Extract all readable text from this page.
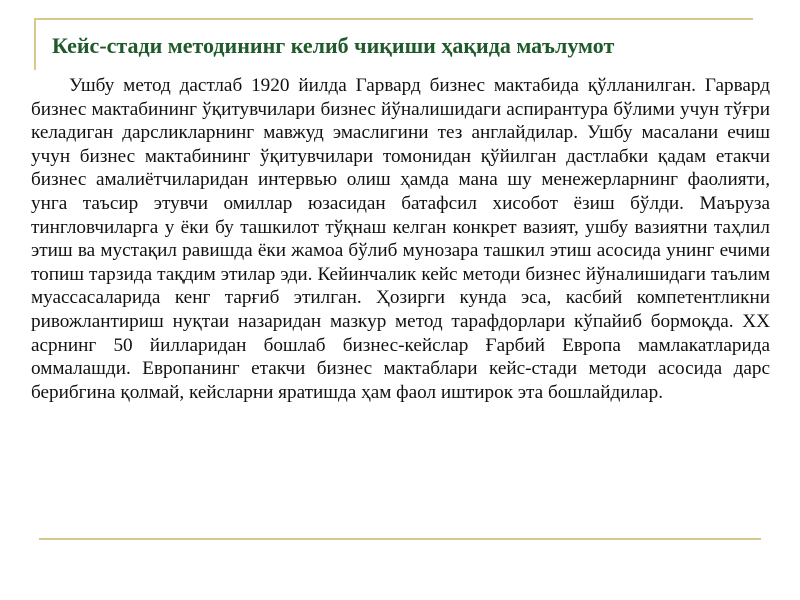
Кейс-стади методининг келиб чиқиши ҳақида маълумот

Ушбу метод дастлаб 1920 йилда Гарвард бизнес мактабида қўлланилган. Гарвард бизнес мактабининг ўқитувчилари бизнес йўналишидаги аспирантура бўлими учун тўғри келадиган дарсликларнинг мавжуд эмаслигини тез англайдилар. Ушбу масалани ечиш учун бизнес мактабининг ўқитувчилари томонидан қўйилган дастлабки қадам етакчи бизнес амалиётчиларидан интервью олиш ҳамда мана шу менежерларнинг фаолияти, унга таъсир этувчи омиллар юзасидан батафсил хисобот ёзиш бўлди. Маъруза тингловчиларга у ёки бу ташкилот тўқнаш келган конкрет вазият, ушбу вазиятни таҳлил этиш ва мустақил равишда ёки жамоа бўлиб мунозара ташкил этиш асосида унинг ечими топиш тарзида тақдим этилар эди. Кейинчалик кейс методи бизнес йўналишидаги таълим муассасаларида кенг тарғиб этилган. Ҳозирги кунда эса, касбий компетентликни ривожлантириш нуқтаи назаридан мазкур метод тарафдорлари кўпайиб бормоқда. XX асрнинг 50 йилларидан бошлаб бизнес-кейслар Ғарбий Европа мамлакатларида оммалашди. Европанинг етакчи бизнес мактаблари кейс-стади методи асосида дарс берибгина қолмай, кейсларни яратишда ҳам фаол иштирок эта бошлайдилар.
